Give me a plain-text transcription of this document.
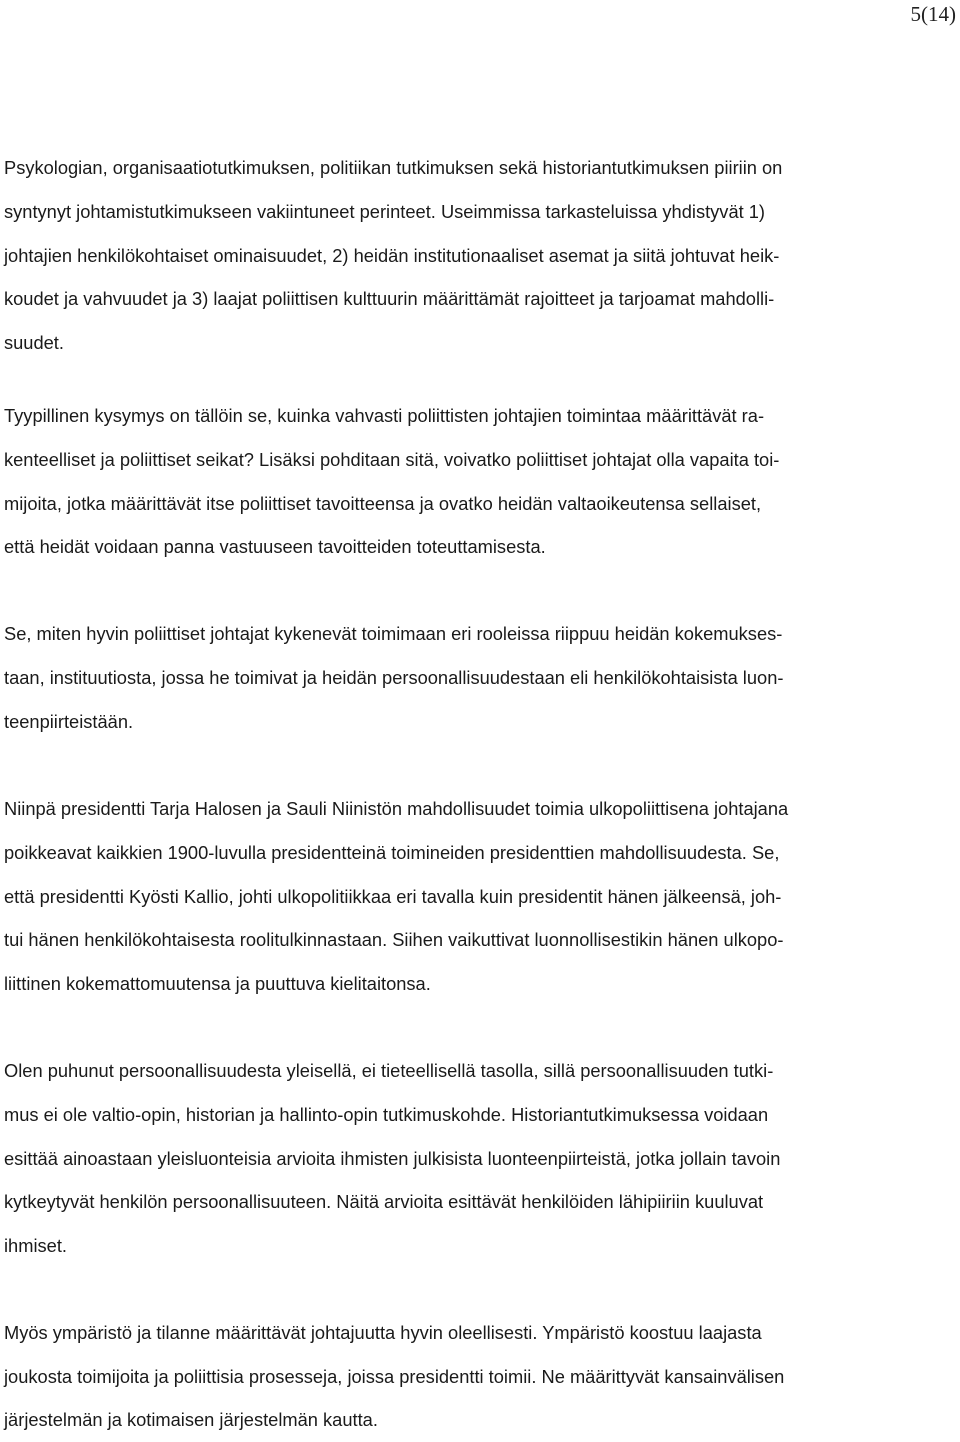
5(14)
Psykologian, organisaatiotutkimuksen, politiikan tutkimuksen sekä historiantutkimuksen piiriin on
syntynyt johtamistutkimukseen vakiintuneet perinteet. Useimmissa tarkasteluissa yhdistyvät 1)
johtajien henkilökohtaiset ominaisuudet, 2) heidän institutionaaliset asemat ja siitä johtuvat heik-
koudet ja vahvuudet ja 3) laajat poliittisen kulttuurin määrittämät rajoitteet ja tarjoamat mahdolli-
suudet.
Tyypillinen kysymys on tällöin se, kuinka vahvasti poliittisten johtajien toimintaa määrittävät ra-
kenteelliset ja poliittiset seikat? Lisäksi pohditaan sitä, voivatko poliittiset johtajat olla vapaita toi-
mijoita, jotka määrittävät itse poliittiset tavoitteensa ja ovatko heidän valtaoikeutensa sellaiset,
että heidät voidaan panna vastuuseen tavoitteiden toteuttamisesta.
Se, miten hyvin poliittiset johtajat kykenevät toimimaan eri rooleissa riippuu heidän kokemukses-
taan, instituutiosta, jossa he toimivat ja heidän persoonallisuudestaan eli henkilökohtaisista luon-
teenpiirteistään.
Niinpä presidentti Tarja Halosen ja Sauli Niinistön mahdollisuudet toimia ulkopoliittisena johtajana
poikkeavat kaikkien 1900-luvulla presidentteinä toimineiden presidenttien mahdollisuudesta. Se,
että presidentti Kyösti Kallio, johti ulkopolitiikkaa eri tavalla kuin presidentit hänen jälkeensä, joh-
tui hänen henkilökohtaisesta roolitulkinnastaan. Siihen vaikuttivat luonnollisestikin hänen ulkopo-
liittinen kokemattomuutensa ja puuttuva kielitaitonsa.
Olen puhunut persoonallisuudesta yleisellä, ei tieteellisellä tasolla, sillä persoonallisuuden tutki-
mus ei ole valtio-opin, historian ja hallinto-opin tutkimuskohde. Historiantutkimuksessa voidaan
esittää ainoastaan yleisluonteisia arvioita ihmisten julkisista luonteenpiirteistä, jotka jollain tavoin
kytkeytyvät henkilön persoonallisuuteen. Näitä arvioita esittävät henkilöiden lähipiiriin kuuluvat
ihmiset.
Myös ympäristö ja tilanne määrittävät johtajuutta hyvin oleellisesti. Ympäristö koostuu laajasta
joukosta toimijoita ja poliittisia prosesseja, joissa presidentti toimii. Ne määrittyvät kansainvälisen
järjestelmän ja kotimaisen järjestelmän kautta.
